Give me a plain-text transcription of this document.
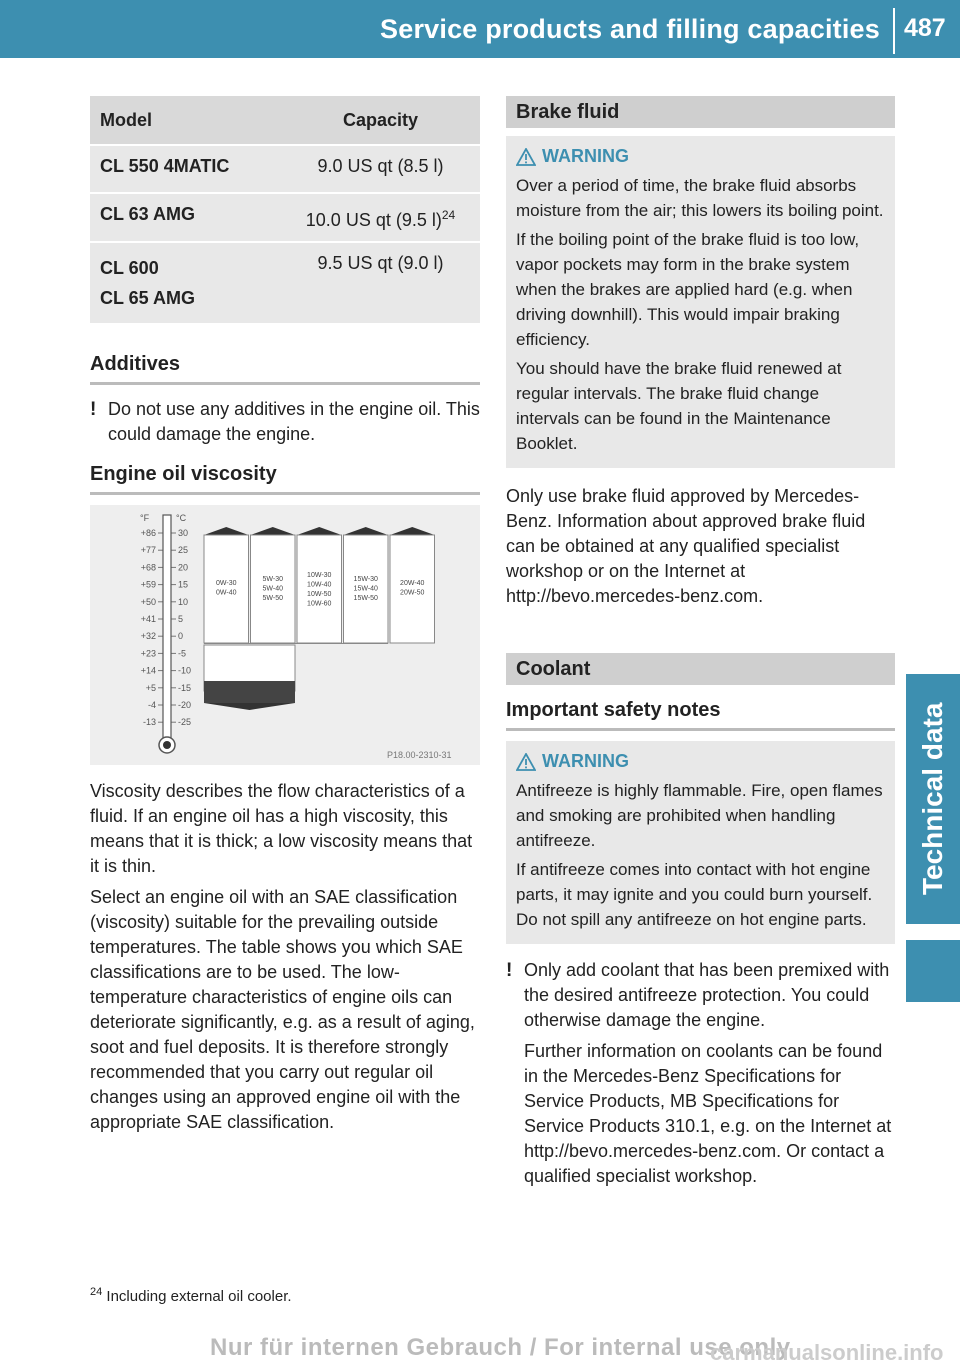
Service products and filling capacities 487
Technical data
Model	Capacity
CL 550 4MATIC	9.0 US qt (8.5 l)
CL 63 AMG	10.0 US qt (9.5 l)$^{24}$

CL 600
CL 65 AMG	9.5 US qt (9.0 l)
Additives
! Do not use any additives in the engine oil. This could damage the engine.
Engine oil viscosity
°F	°C
+86 30
+77 25
+68 20
+59 15
+50 10
+41 5
+32 0
+23 -5
+14 -10
+5 -15
-4 -20
-13 -25
0W-30
0W-40
5W-30
5W-40
5W-50
10W-30
10W-40
10W-50
10W-60
15W-30
15W-40
15W-50
20W-40
20W-50
P18.00-2310-31

Viscosity describes the flow characteristics of a fluid. If an engine oil has a high viscosity, this means that it is thick; a low viscosity means that it is thin.

Select an engine oil with an SAE classification (viscosity) suitable for the prevailing outside temperatures. The table shows you which SAE classifications are to be used. The low-temperature characteristics of engine oils can deteriorate significantly, e.g. as a result of aging, soot and fuel deposits. It is therefore strongly recommended that you carry out regular oil changes using an approved engine oil with the appropriate SAE classification.

Brake fluid
WARNING

Over a period of time, the brake fluid absorbs moisture from the air; this lowers its boiling point.

If the boiling point of the brake fluid is too low, vapor pockets may form in the brake system when the brakes are applied hard (e.g. when driving downhill). This would impair braking efficiency.

You should have the brake fluid renewed at regular intervals. The brake fluid change intervals can be found in the Maintenance Booklet.

Only use brake fluid approved by Mercedes-Benz. Information about approved brake fluid can be obtained at any qualified specialist workshop or on the Internet at http://bevo.mercedes-benz.com.

Coolant
Important safety notes
WARNING

Antifreeze is highly flammable. Fire, open flames and smoking are prohibited when handling antifreeze.

If antifreeze comes into contact with hot engine parts, it may ignite and you could burn yourself. Do not spill any antifreeze on hot engine parts.

! Only add coolant that has been premixed with the desired antifreeze protection. You could otherwise damage the engine.

Further information on coolants can be found in the Mercedes-Benz Specifications for Service Products, MB Specifications for Service Products 310.1, e.g. on the Internet at http://bevo.mercedes-benz.com. Or contact a qualified specialist workshop.

$^{24}$ Including external oil cooler.
Nur für internen Gebrauch / For internal use only
carmanualsonline.info
